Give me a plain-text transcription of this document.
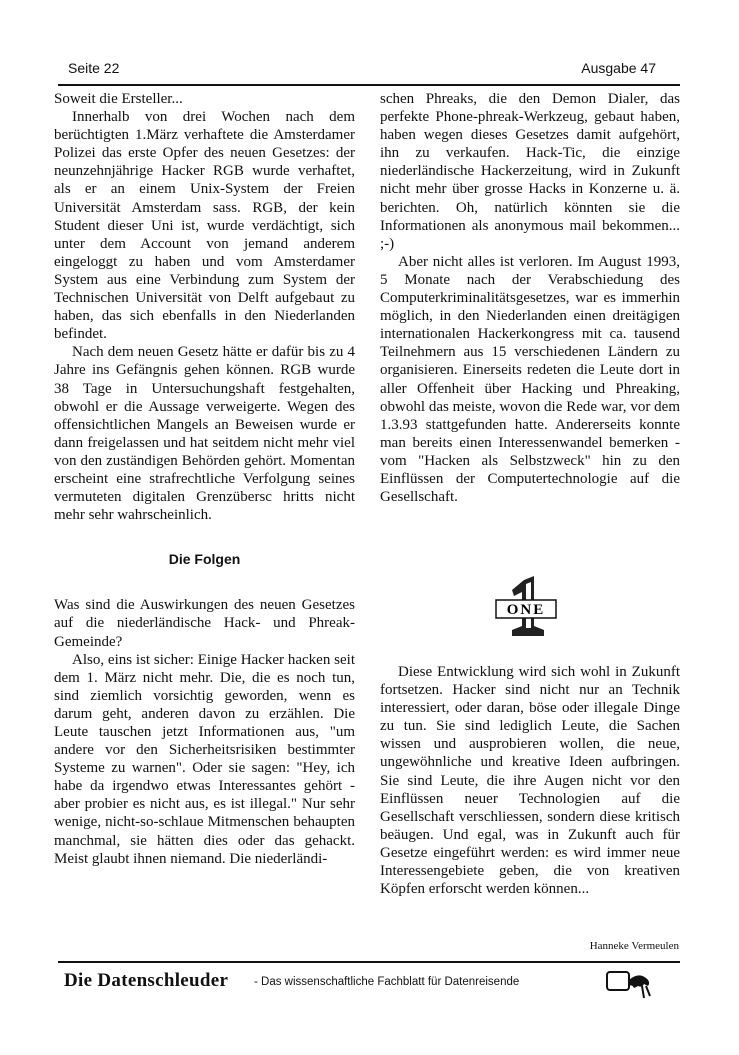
Seite 22	Ausgabe 47

Soweit die Ersteller...

Innerhalb von drei Wochen nach dem berüchtigten 1.März verhaftete die Amsterdamer Polizei das erste Opfer des neuen Gesetzes: der neunzehnjährige Hacker RGB wurde verhaftet, als er an einem Unix-System der Freien Universität Amsterdam sass. RGB, der kein Student dieser Uni ist, wurde verdächtigt, sich unter dem Account von jemand anderem eingeloggt zu haben und vom Amsterdamer System aus eine Verbindung zum System der Technischen Universität von Delft aufgebaut zu haben, das sich ebenfalls in den Niederlanden befindet.

Nach dem neuen Gesetz hätte er dafür bis zu 4 Jahre ins Gefängnis gehen können. RGB wurde 38 Tage in Untersuchungshaft festgehalten, obwohl er die Aussage verweigerte. Wegen des offensichtlichen Mangels an Beweisen wurde er dann freigelassen und hat seitdem nicht mehr viel von den zuständigen Behörden gehört. Momentan erscheint eine strafrechtliche Verfolgung seines vermuteten digitalen Grenzübersc hritts nicht mehr sehr wahrscheinlich.

Die Folgen

Was sind die Auswirkungen des neuen Gesetzes auf die niederländische Hack- und Phreak-Gemeinde?

Also, eins ist sicher: Einige Hacker hacken seit dem 1. März nicht mehr. Die, die es noch tun, sind ziemlich vorsichtig geworden, wenn es darum geht, anderen davon zu erzählen. Die Leute tauschen jetzt Informationen aus, "um andere vor den Sicherheitsrisiken bestimmter Systeme zu warnen". Oder sie sagen: "Hey, ich habe da irgendwo etwas Interessantes gehört - aber probier es nicht aus, es ist illegal." Nur sehr wenige, nicht-so-schlaue Mitmenschen behaupten manchmal, sie hätten dies oder das gehackt. Meist glaubt ihnen niemand. Die niederländi-

schen Phreaks, die den Demon Dialer, das perfekte Phone-phreak-Werkzeug, gebaut haben, haben wegen dieses Gesetzes damit aufgehört, ihn zu verkaufen. Hack-Tic, die einzige niederländische Hackerzeitung, wird in Zukunft nicht mehr über grosse Hacks in Konzerne u. ä. berichten. Oh, natürlich könnten sie die Informationen als anonymous mail bekommen... ;-)

Aber nicht alles ist verloren. Im August 1993, 5 Monate nach der Verabschiedung des Computerkriminalitätsgesetzes, war es immerhin möglich, in den Niederlanden einen dreitägigen internationalen Hackerkongress mit ca. tausend Teilnehmern aus 15 verschiedenen Ländern zu organisieren. Einerseits redeten die Leute dort in aller Offenheit über Hacking und Phreaking, obwohl das meiste, wovon die Rede war, vor dem 1.3.93 stattgefunden hatte. Andererseits konnte man bereits einen Interessenwandel bemerken - vom "Hacken als Selbstzweck" hin zu den Einflüssen der Computertechnologie auf die Gesellschaft.

ONE

Diese Entwicklung wird sich wohl in Zukunft fortsetzen. Hacker sind nicht nur an Technik interessiert, oder daran, böse oder illegale Dinge zu tun. Sie sind lediglich Leute, die Sachen wissen und ausprobieren wollen, die neue, ungewöhnliche und kreative Ideen aufbringen. Sie sind Leute, die ihre Augen nicht vor den Einflüssen neuer Technologien auf die Gesellschaft verschliessen, sondern diese kritisch beäugen. Und egal, was in Zukunft auch für Gesetze eingeführt werden: es wird immer neue Interessengebiete geben, die von kreativen Köpfen erforscht werden können...

Hanneke Vermeulen
Die Datenschleuder - Das wissenschaftliche Fachblatt für Datenreisende
